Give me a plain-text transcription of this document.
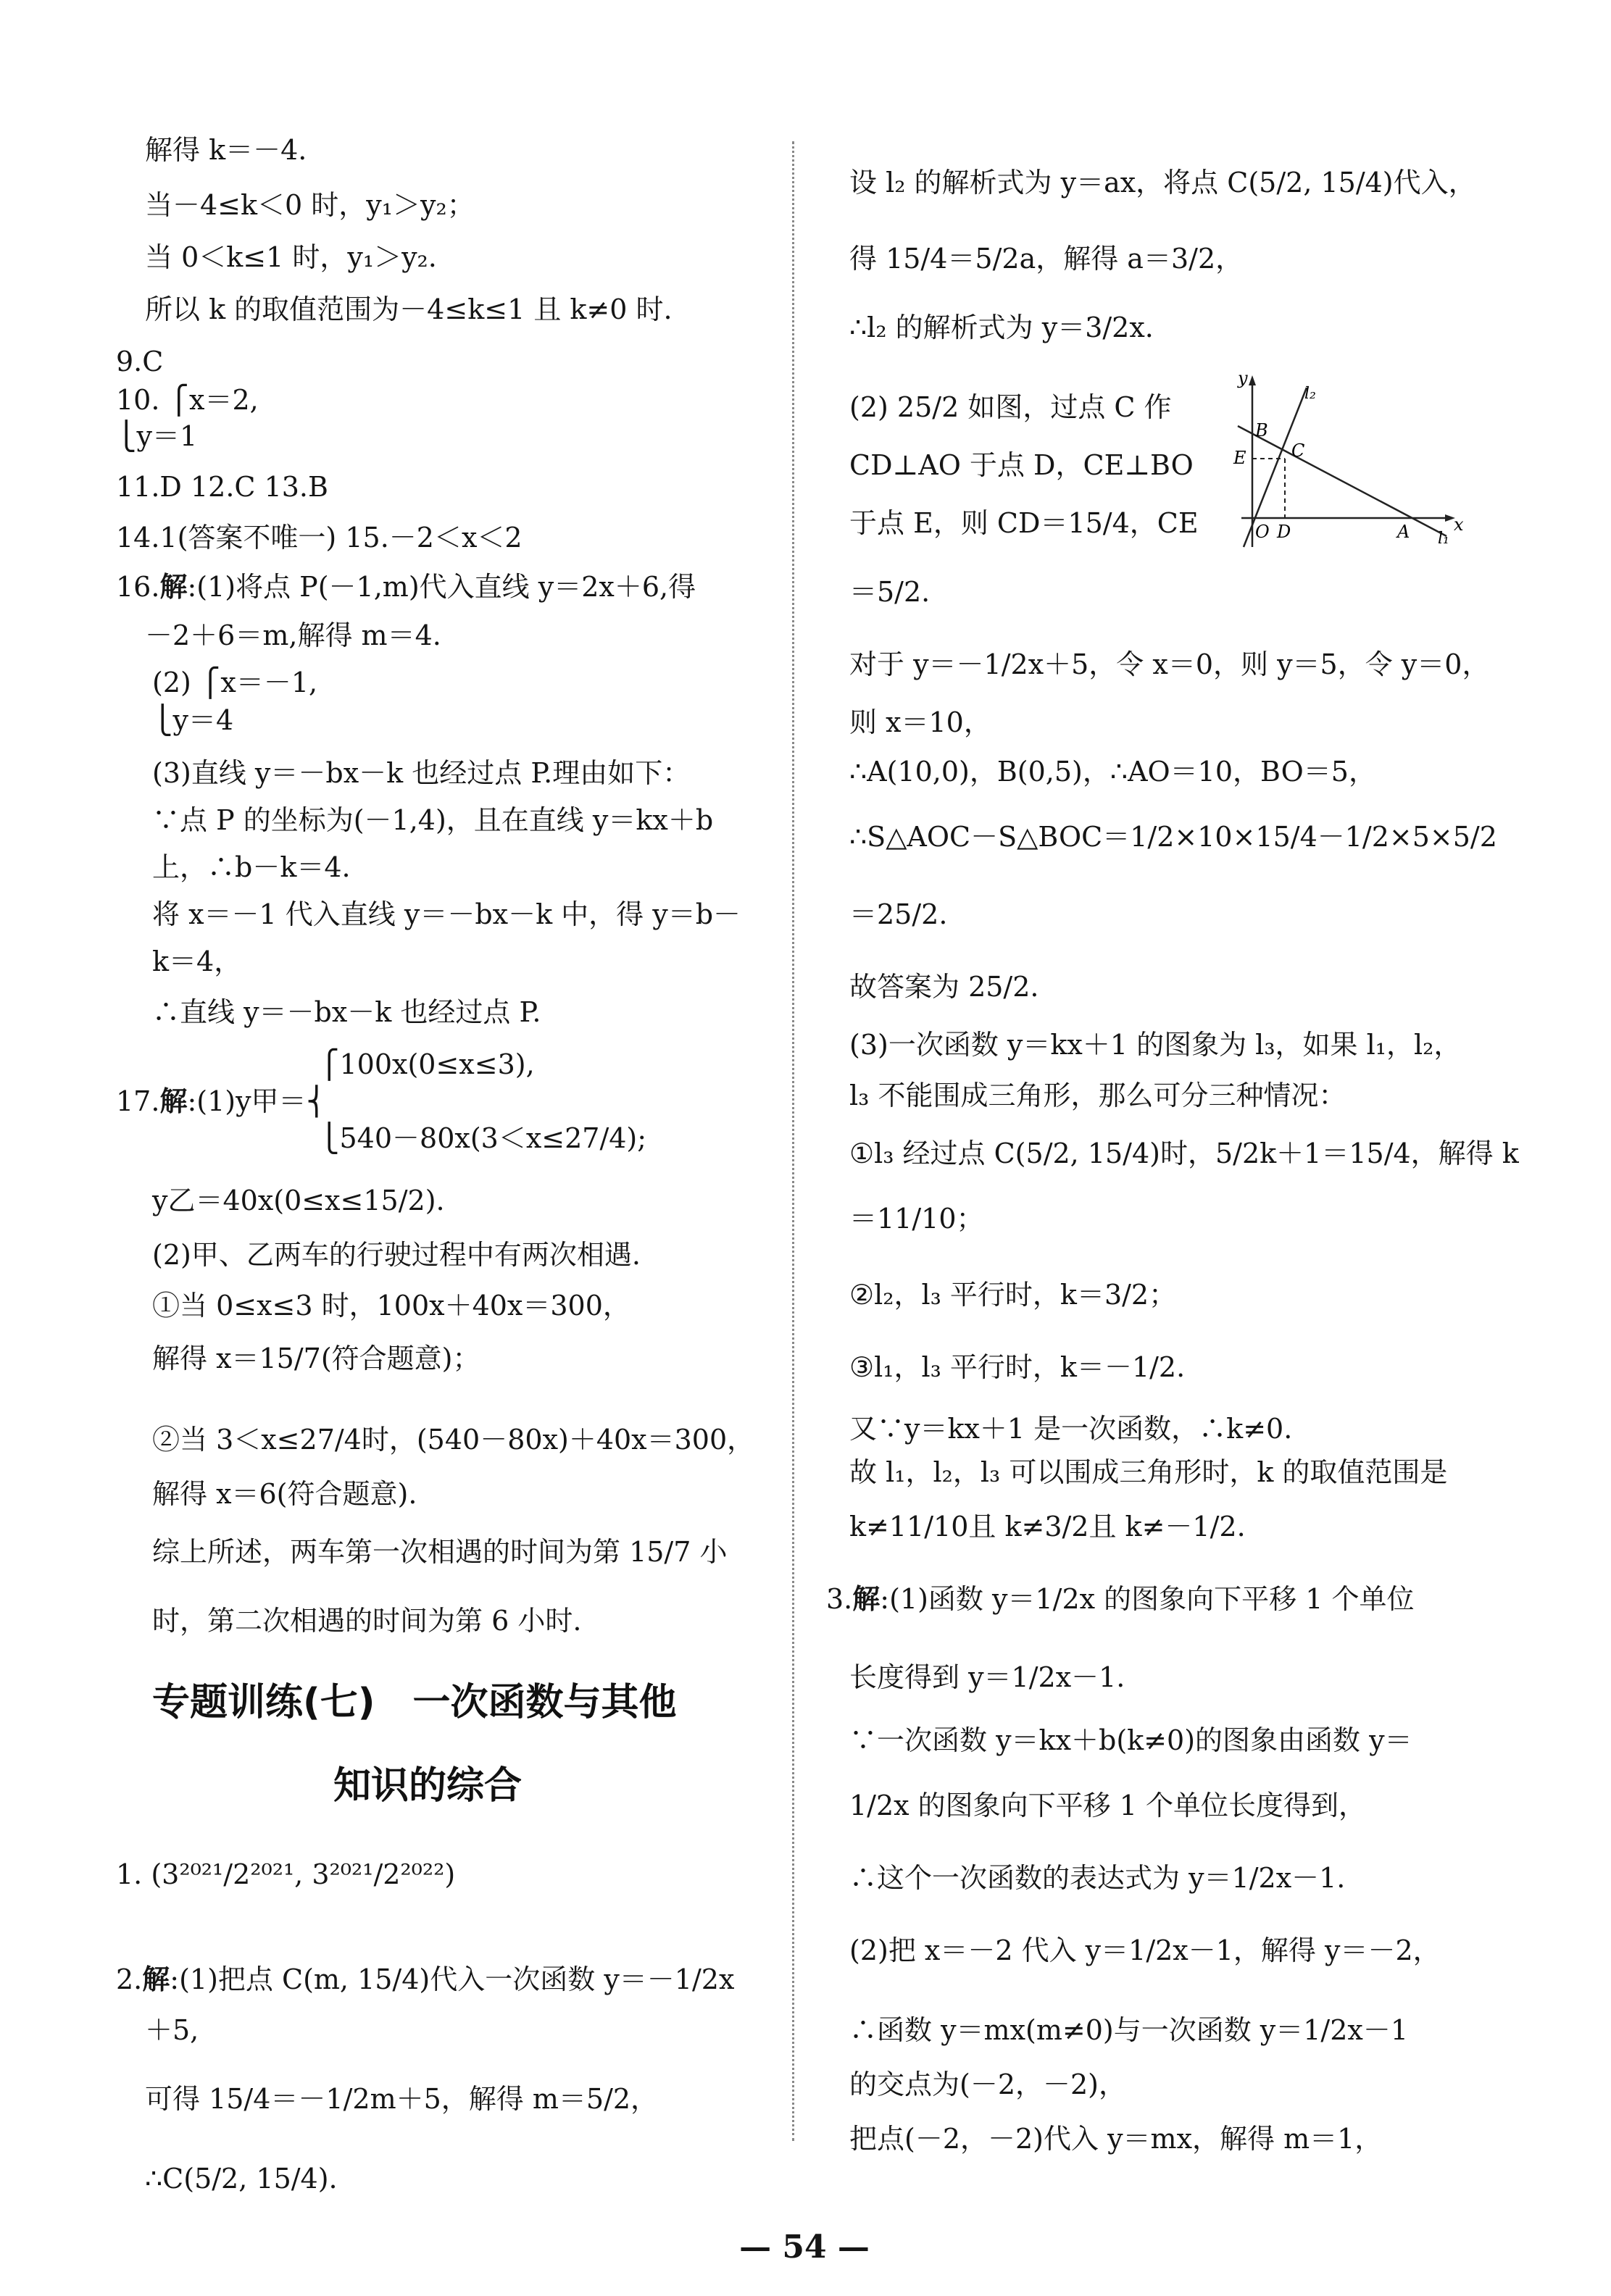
解得 k＝－4.
当－4≤k＜0 时，y₁＞y₂；
当 0＜k≤1 时，y₁＞y₂.
所以 k 的取值范围为－4≤k≤1 且 k≠0 时.
9.C
10. ⎧x＝2,
⎩y＝1
11.D 12.C 13.B
14.1(答案不唯一) 15.－2＜x＜2
16.解:(1)将点 P(－1,m)代入直线 y＝2x＋6,得
－2＋6＝m,解得 m＝4.
(2) ⎧x＝－1,
⎩y＝4
(3)直线 y＝－bx－k 也经过点 P.理由如下：
∵点 P 的坐标为(－1,4)，且在直线 y＝kx＋b
上，∴b－k＝4.
将 x＝－1 代入直线 y＝－bx－k 中，得 y＝b－
k＝4，
∴直线 y＝－bx－k 也经过点 P.
⎧100x(0≤x≤3),
17.解:(1)y甲＝⎨
⎩540－80x(3＜x≤27/4);
y乙＝40x(0≤x≤15/2).
(2)甲、乙两车的行驶过程中有两次相遇.
①当 0≤x≤3 时，100x＋40x＝300，
解得 x＝15/7(符合题意)；
②当 3＜x≤27/4时，(540－80x)＋40x＝300，
解得 x＝6(符合题意).
综上所述，两车第一次相遇的时间为第 15/7 小
时，第二次相遇的时间为第 6 小时.
专题训练(七)　一次函数与其他
知识的综合
1. (3²⁰²¹/2²⁰²¹, 3²⁰²¹/2²⁰²²)
2.解:(1)把点 C(m, 15/4)代入一次函数 y＝－1/2x
＋5,
可得 15/4＝－1/2m＋5，解得 m＝5/2，
∴C(5/2, 15/4).
设 l₂ 的解析式为 y＝ax，将点 C(5/2, 15/4)代入，
得 15/4＝5/2a，解得 a＝3/2，
∴l₂ 的解析式为 y＝3/2x.
(2) 25/2 如图，过点 C 作
CD⊥AO 于点 D，CE⊥BO
于点 E，则 CD＝15/4，CE
＝5/2.
对于 y＝－1/2x＋5，令 x＝0，则 y＝5，令 y＝0，
则 x＝10，
∴A(10,0)，B(0,5)，∴AO＝10，BO＝5，
∴S△AOC－S△BOC＝1/2×10×15/4－1/2×5×5/2
＝25/2.
故答案为 25/2.
(3)一次函数 y＝kx＋1 的图象为 l₃，如果 l₁，l₂，
l₃ 不能围成三角形，那么可分三种情况：
①l₃ 经过点 C(5/2, 15/4)时，5/2k＋1＝15/4，解得 k
＝11/10；
②l₂，l₃ 平行时，k＝3/2；
③l₁，l₃ 平行时，k＝－1/2.
又∵y＝kx＋1 是一次函数，∴k≠0.
故 l₁，l₂，l₃ 可以围成三角形时，k 的取值范围是
k≠11/10且 k≠3/2且 k≠－1/2.
3.解:(1)函数 y＝1/2x 的图象向下平移 1 个单位
长度得到 y＝1/2x－1.
∵一次函数 y＝kx＋b(k≠0)的图象由函数 y＝
1/2x 的图象向下平移 1 个单位长度得到，
∴这个一次函数的表达式为 y＝1/2x－1.
(2)把 x＝－2 代入 y＝1/2x－1，解得 y＝－2，
∴函数 y＝mx(m≠0)与一次函数 y＝1/2x－1
的交点为(－2，－2)，
把点(－2，－2)代入 y＝mx，解得 m＝1，
y
x
l₂
l₁
B
E	C
O D	A
— 54 —
